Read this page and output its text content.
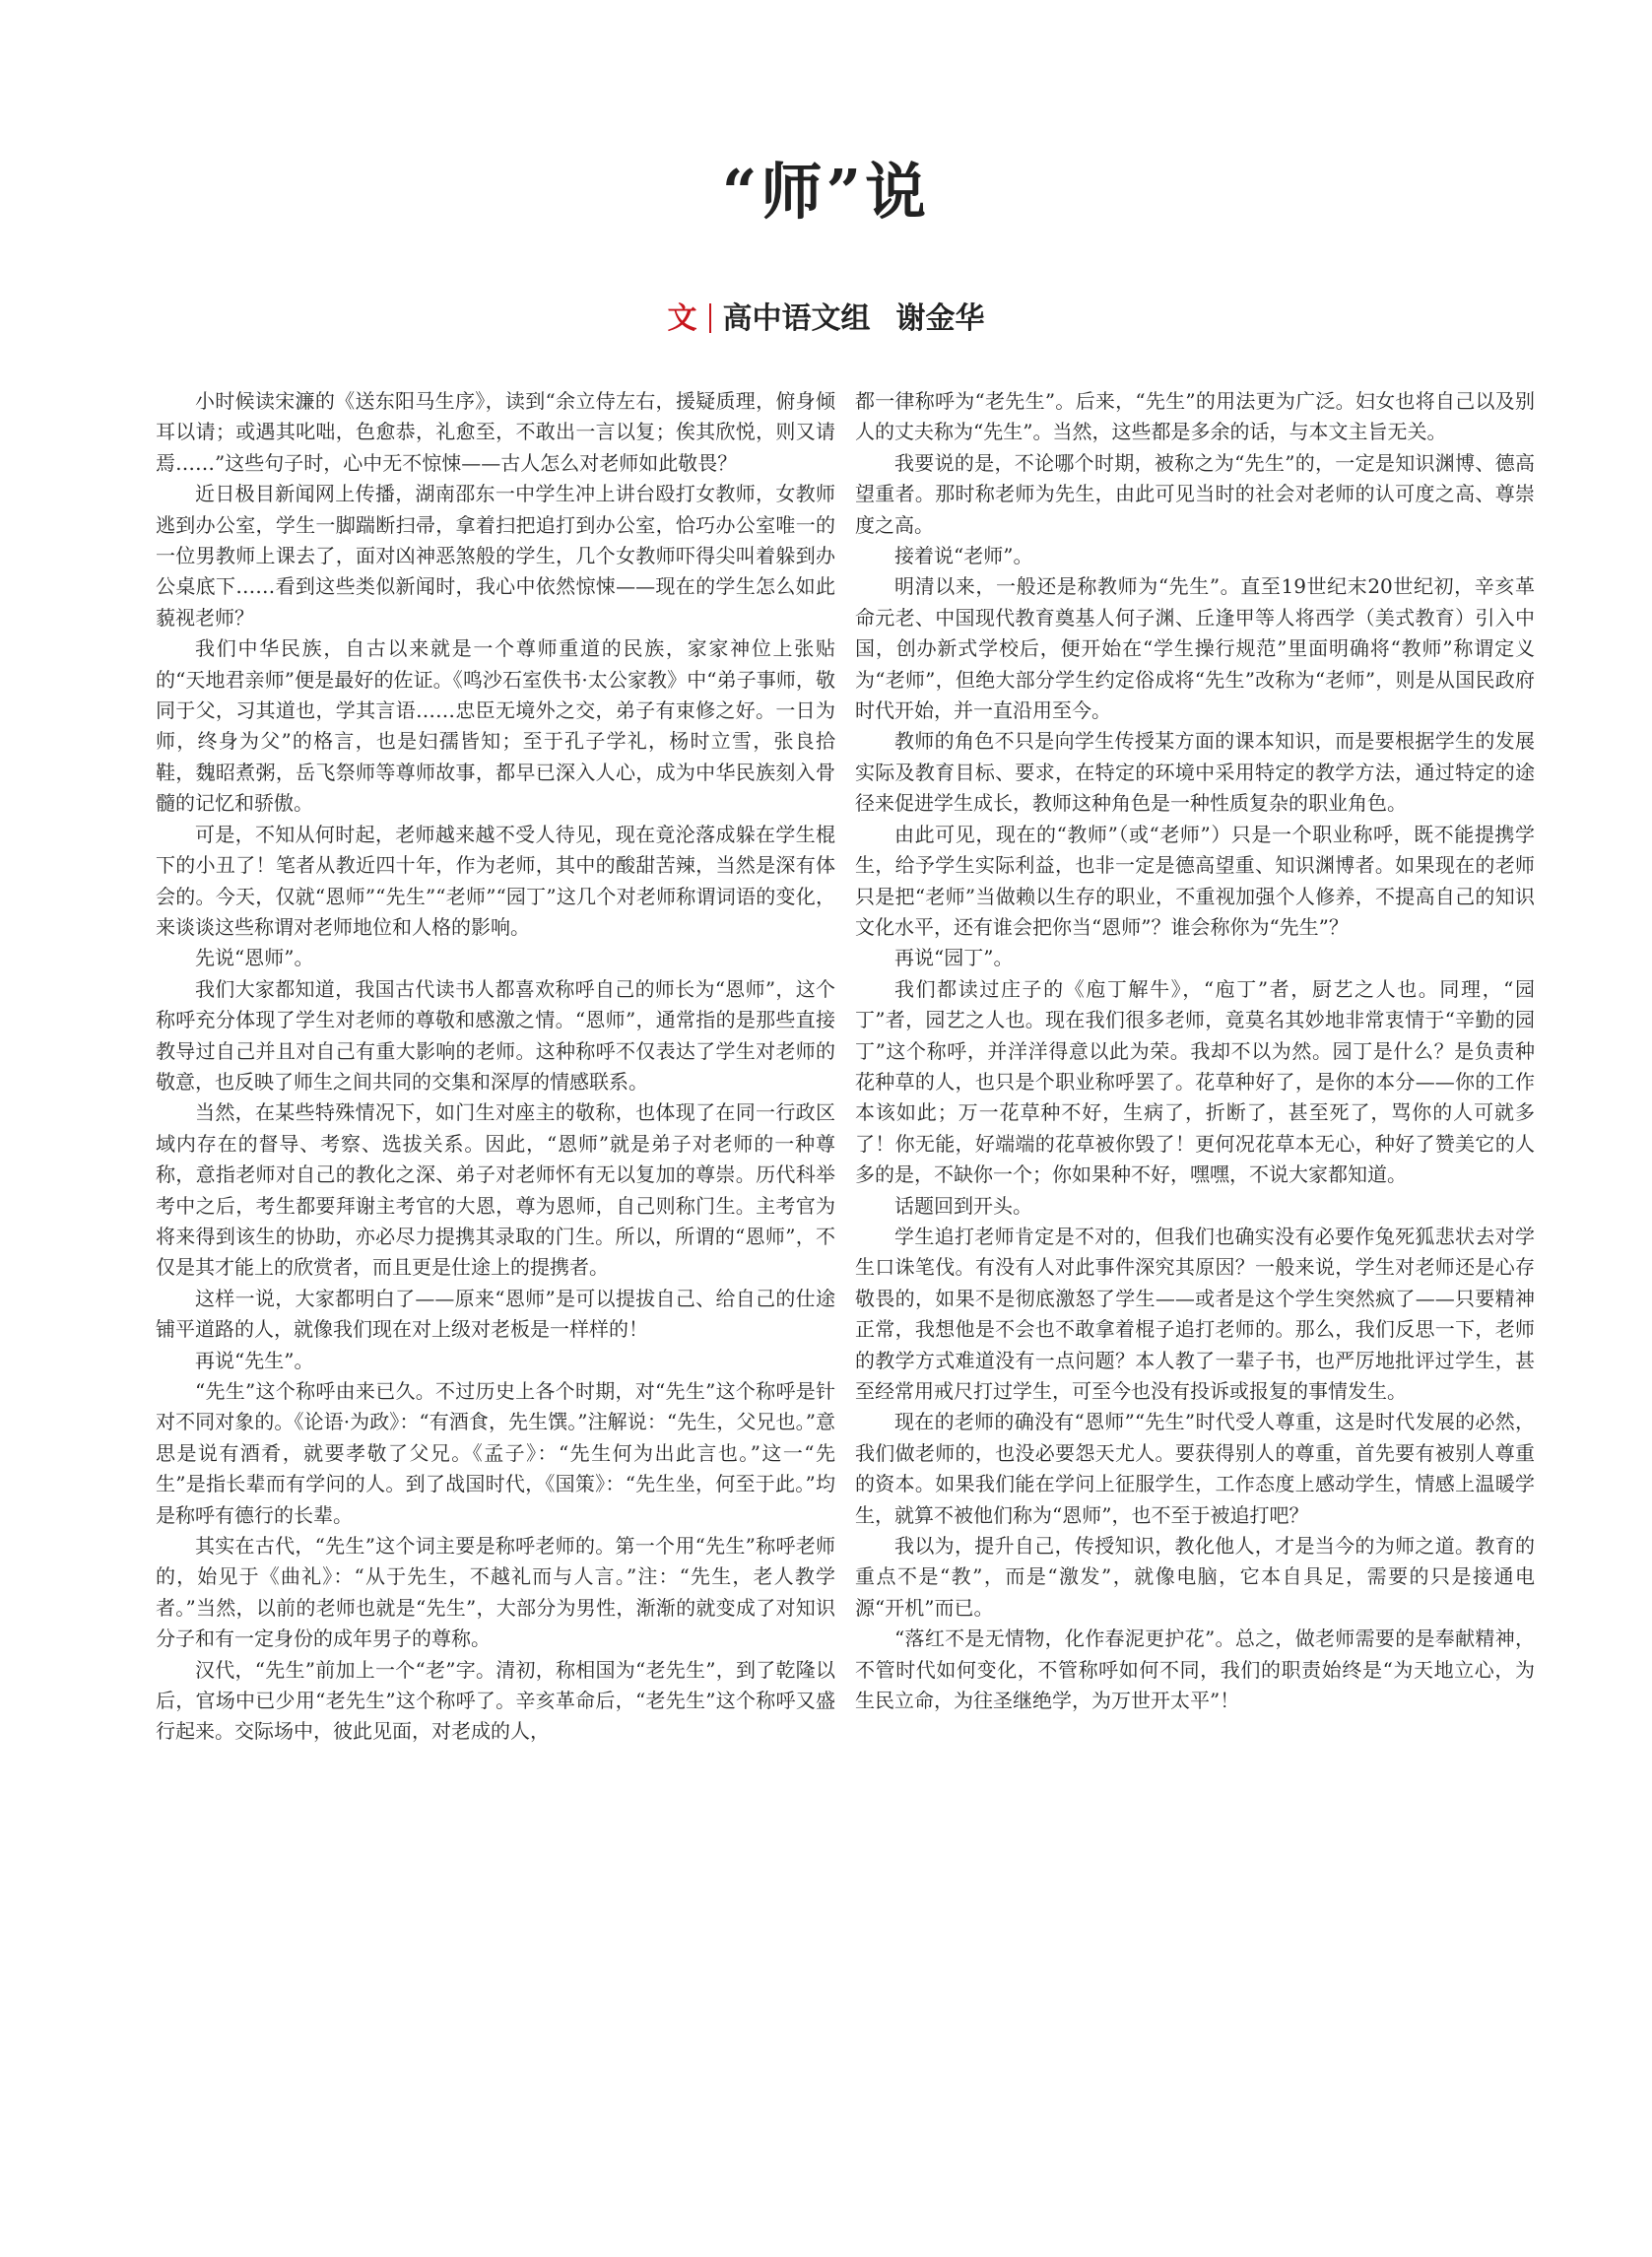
“师”说
文 高中语文组 谢金华

小时候读宋濂的《送东阳马生序》，读到“余立侍左右，援疑质理，俯身倾耳以请；或遇其叱咄，色愈恭，礼愈至，不敢出一言以复；俟其欣悦，则又请焉……”这些句子时，心中无不惊悚——古人怎么对老师如此敬畏？

近日极目新闻网上传播，湖南邵东一中学生冲上讲台殴打女教师，女教师逃到办公室，学生一脚踹断扫帚，拿着扫把追打到办公室，恰巧办公室唯一的一位男教师上课去了，面对凶神恶煞般的学生，几个女教师吓得尖叫着躲到办公桌底下……看到这些类似新闻时，我心中依然惊悚——现在的学生怎么如此藐视老师？

我们中华民族，自古以来就是一个尊师重道的民族，家家神位上张贴的“天地君亲师”便是最好的佐证。《鸣沙石室佚书·太公家教》中“弟子事师，敬同于父，习其道也，学其言语……忠臣无境外之交，弟子有束修之好。一日为师，终身为父”的格言，也是妇孺皆知；至于孔子学礼，杨时立雪，张良拾鞋，魏昭煮粥，岳飞祭师等尊师故事，都早已深入人心，成为中华民族刻入骨髓的记忆和骄傲。

可是，不知从何时起，老师越来越不受人待见，现在竟沦落成躲在学生棍下的小丑了！笔者从教近四十年，作为老师，其中的酸甜苦辣，当然是深有体会的。今天，仅就“恩师”“先生”“老师”“园丁”这几个对老师称谓词语的变化，来谈谈这些称谓对老师地位和人格的影响。

先说“恩师”。

我们大家都知道，我国古代读书人都喜欢称呼自己的师长为“恩师”，这个称呼充分体现了学生对老师的尊敬和感激之情。“恩师”，通常指的是那些直接教导过自己并且对自己有重大影响的老师。这种称呼不仅表达了学生对老师的敬意，也反映了师生之间共同的交集和深厚的情感联系。

当然，在某些特殊情况下，如门生对座主的敬称，也体现了在同一行政区域内存在的督导、考察、选拔关系。因此，“恩师”就是弟子对老师的一种尊称，意指老师对自己的教化之深、弟子对老师怀有无以复加的尊崇。历代科举考中之后，考生都要拜谢主考官的大恩，尊为恩师，自己则称门生。主考官为将来得到该生的协助，亦必尽力提携其录取的门生。所以，所谓的“恩师”，不仅是其才能上的欣赏者，而且更是仕途上的提携者。

这样一说，大家都明白了——原来“恩师”是可以提拔自己、给自己的仕途铺平道路的人，就像我们现在对上级对老板是一样样的！

再说“先生”。

“先生”这个称呼由来已久。不过历史上各个时期，对“先生”这个称呼是针对不同对象的。《论语·为政》：“有酒食，先生馔。”注解说：“先生，父兄也。”意思是说有酒肴，就要孝敬了父兄。《孟子》：“先生何为出此言也。”这一“先生”是指长辈而有学问的人。到了战国时代，《国策》：“先生坐，何至于此。”均是称呼有德行的长辈。

其实在古代，“先生”这个词主要是称呼老师的。第一个用“先生”称呼老师的，始见于《曲礼》：“从于先生，不越礼而与人言。”注：“先生，老人教学者。”当然，以前的老师也就是“先生”，大部分为男性，渐渐的就变成了对知识分子和有一定身份的成年男子的尊称。

汉代，“先生”前加上一个“老”字。清初，称相国为“老先生”，到了乾隆以后，官场中已少用“老先生”这个称呼了。辛亥革命后，“老先生”这个称呼又盛行起来。交际场中，彼此见面，对老成的人，

都一律称呼为“老先生”。后来，“先生”的用法更为广泛。妇女也将自己以及别人的丈夫称为“先生”。当然，这些都是多余的话，与本文主旨无关。

我要说的是，不论哪个时期，被称之为“先生”的，一定是知识渊博、德高望重者。那时称老师为先生，由此可见当时的社会对老师的认可度之高、尊崇度之高。

接着说“老师”。

明清以来，一般还是称教师为“先生”。直至19世纪末20世纪初，辛亥革命元老、中国现代教育奠基人何子渊、丘逢甲等人将西学（美式教育）引入中国，创办新式学校后，便开始在“学生操行规范”里面明确将“教师”称谓定义为“老师”，但绝大部分学生约定俗成将“先生”改称为“老师”，则是从国民政府时代开始，并一直沿用至今。

教师的角色不只是向学生传授某方面的课本知识，而是要根据学生的发展实际及教育目标、要求，在特定的环境中采用特定的教学方法，通过特定的途径来促进学生成长，教师这种角色是一种性质复杂的职业角色。

由此可见，现在的“教师”（或“老师”）只是一个职业称呼，既不能提携学生，给予学生实际利益，也非一定是德高望重、知识渊博者。如果现在的老师只是把“老师”当做赖以生存的职业，不重视加强个人修养，不提高自己的知识文化水平，还有谁会把你当“恩师”？谁会称你为“先生”？

再说“园丁”。

我们都读过庄子的《庖丁解牛》，“庖丁”者，厨艺之人也。同理，“园丁”者，园艺之人也。现在我们很多老师，竟莫名其妙地非常衷情于“辛勤的园丁”这个称呼，并洋洋得意以此为荣。我却不以为然。园丁是什么？是负责种花种草的人，也只是个职业称呼罢了。花草种好了，是你的本分——你的工作本该如此；万一花草种不好，生病了，折断了，甚至死了，骂你的人可就多了！你无能，好端端的花草被你毁了！更何况花草本无心，种好了赞美它的人多的是，不缺你一个；你如果种不好，嘿嘿，不说大家都知道。

话题回到开头。

学生追打老师肯定是不对的，但我们也确实没有必要作兔死狐悲状去对学生口诛笔伐。有没有人对此事件深究其原因？一般来说，学生对老师还是心存敬畏的，如果不是彻底激怒了学生——或者是这个学生突然疯了——只要精神正常，我想他是不会也不敢拿着棍子追打老师的。那么，我们反思一下，老师的教学方式难道没有一点问题？本人教了一辈子书，也严厉地批评过学生，甚至经常用戒尺打过学生，可至今也没有投诉或报复的事情发生。

现在的老师的确没有“恩师”“先生”时代受人尊重，这是时代发展的必然，我们做老师的，也没必要怨天尤人。要获得别人的尊重，首先要有被别人尊重的资本。如果我们能在学问上征服学生，工作态度上感动学生，情感上温暖学生，就算不被他们称为“恩师”，也不至于被追打吧？

我以为，提升自己，传授知识，教化他人，才是当今的为师之道。教育的重点不是“教”，而是“激发”，就像电脑，它本自具足，需要的只是接通电源“开机”而已。

“落红不是无情物，化作春泥更护花”。总之，做老师需要的是奉献精神，不管时代如何变化，不管称呼如何不同，我们的职责始终是“为天地立心，为生民立命，为往圣继绝学，为万世开太平”！
